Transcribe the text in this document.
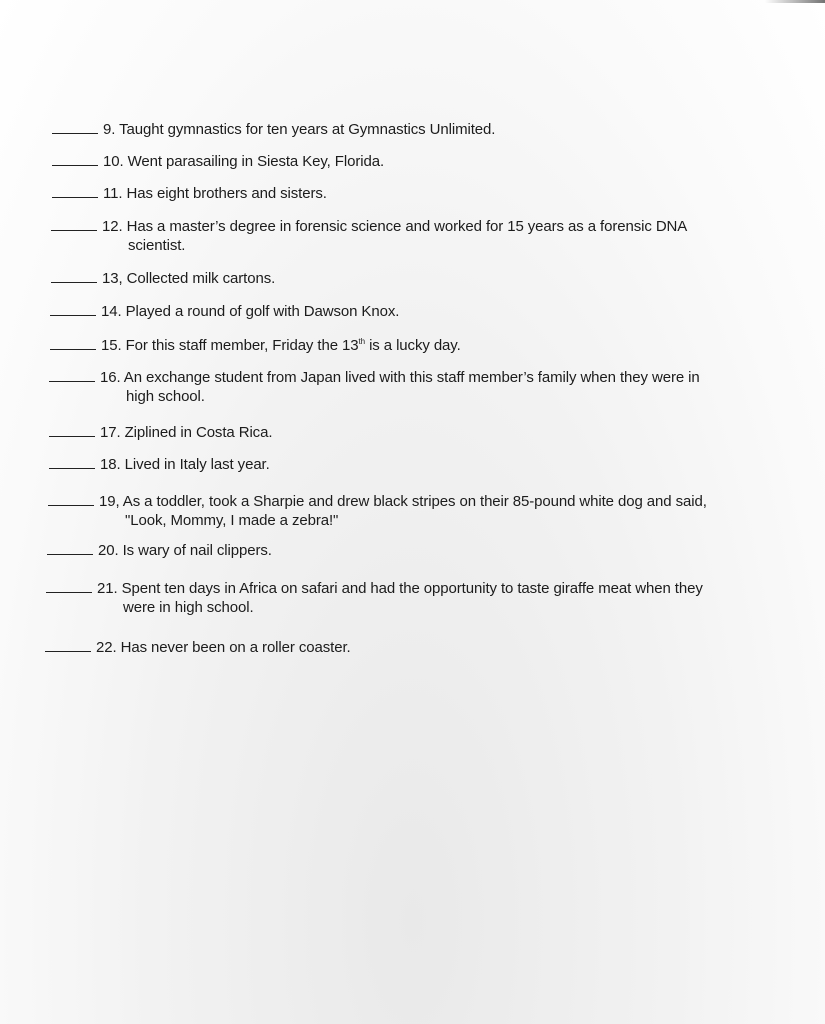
9. Taught gymnastics for ten years at Gymnastics Unlimited.
10. Went parasailing in Siesta Key, Florida.
11. Has eight brothers and sisters.
12. Has a master’s degree in forensic science and worked for 15 years as a forensic DNA
scientist.
13, Collected milk cartons.
14. Played a round of golf with Dawson Knox.
15. For this staff member, Friday the 13th is a lucky day.
16. An exchange student from Japan lived with this staff member’s family when they were in
high school.
17. Ziplined in Costa Rica.
18. Lived in Italy last year.
19, As a toddler, took a Sharpie and drew black stripes on their 85-pound white dog and said,
"Look, Mommy, I made a zebra!"
20. Is wary of nail clippers.
21. Spent ten days in Africa on safari and had the opportunity to taste giraffe meat when they
were in high school.
22. Has never been on a roller coaster.
